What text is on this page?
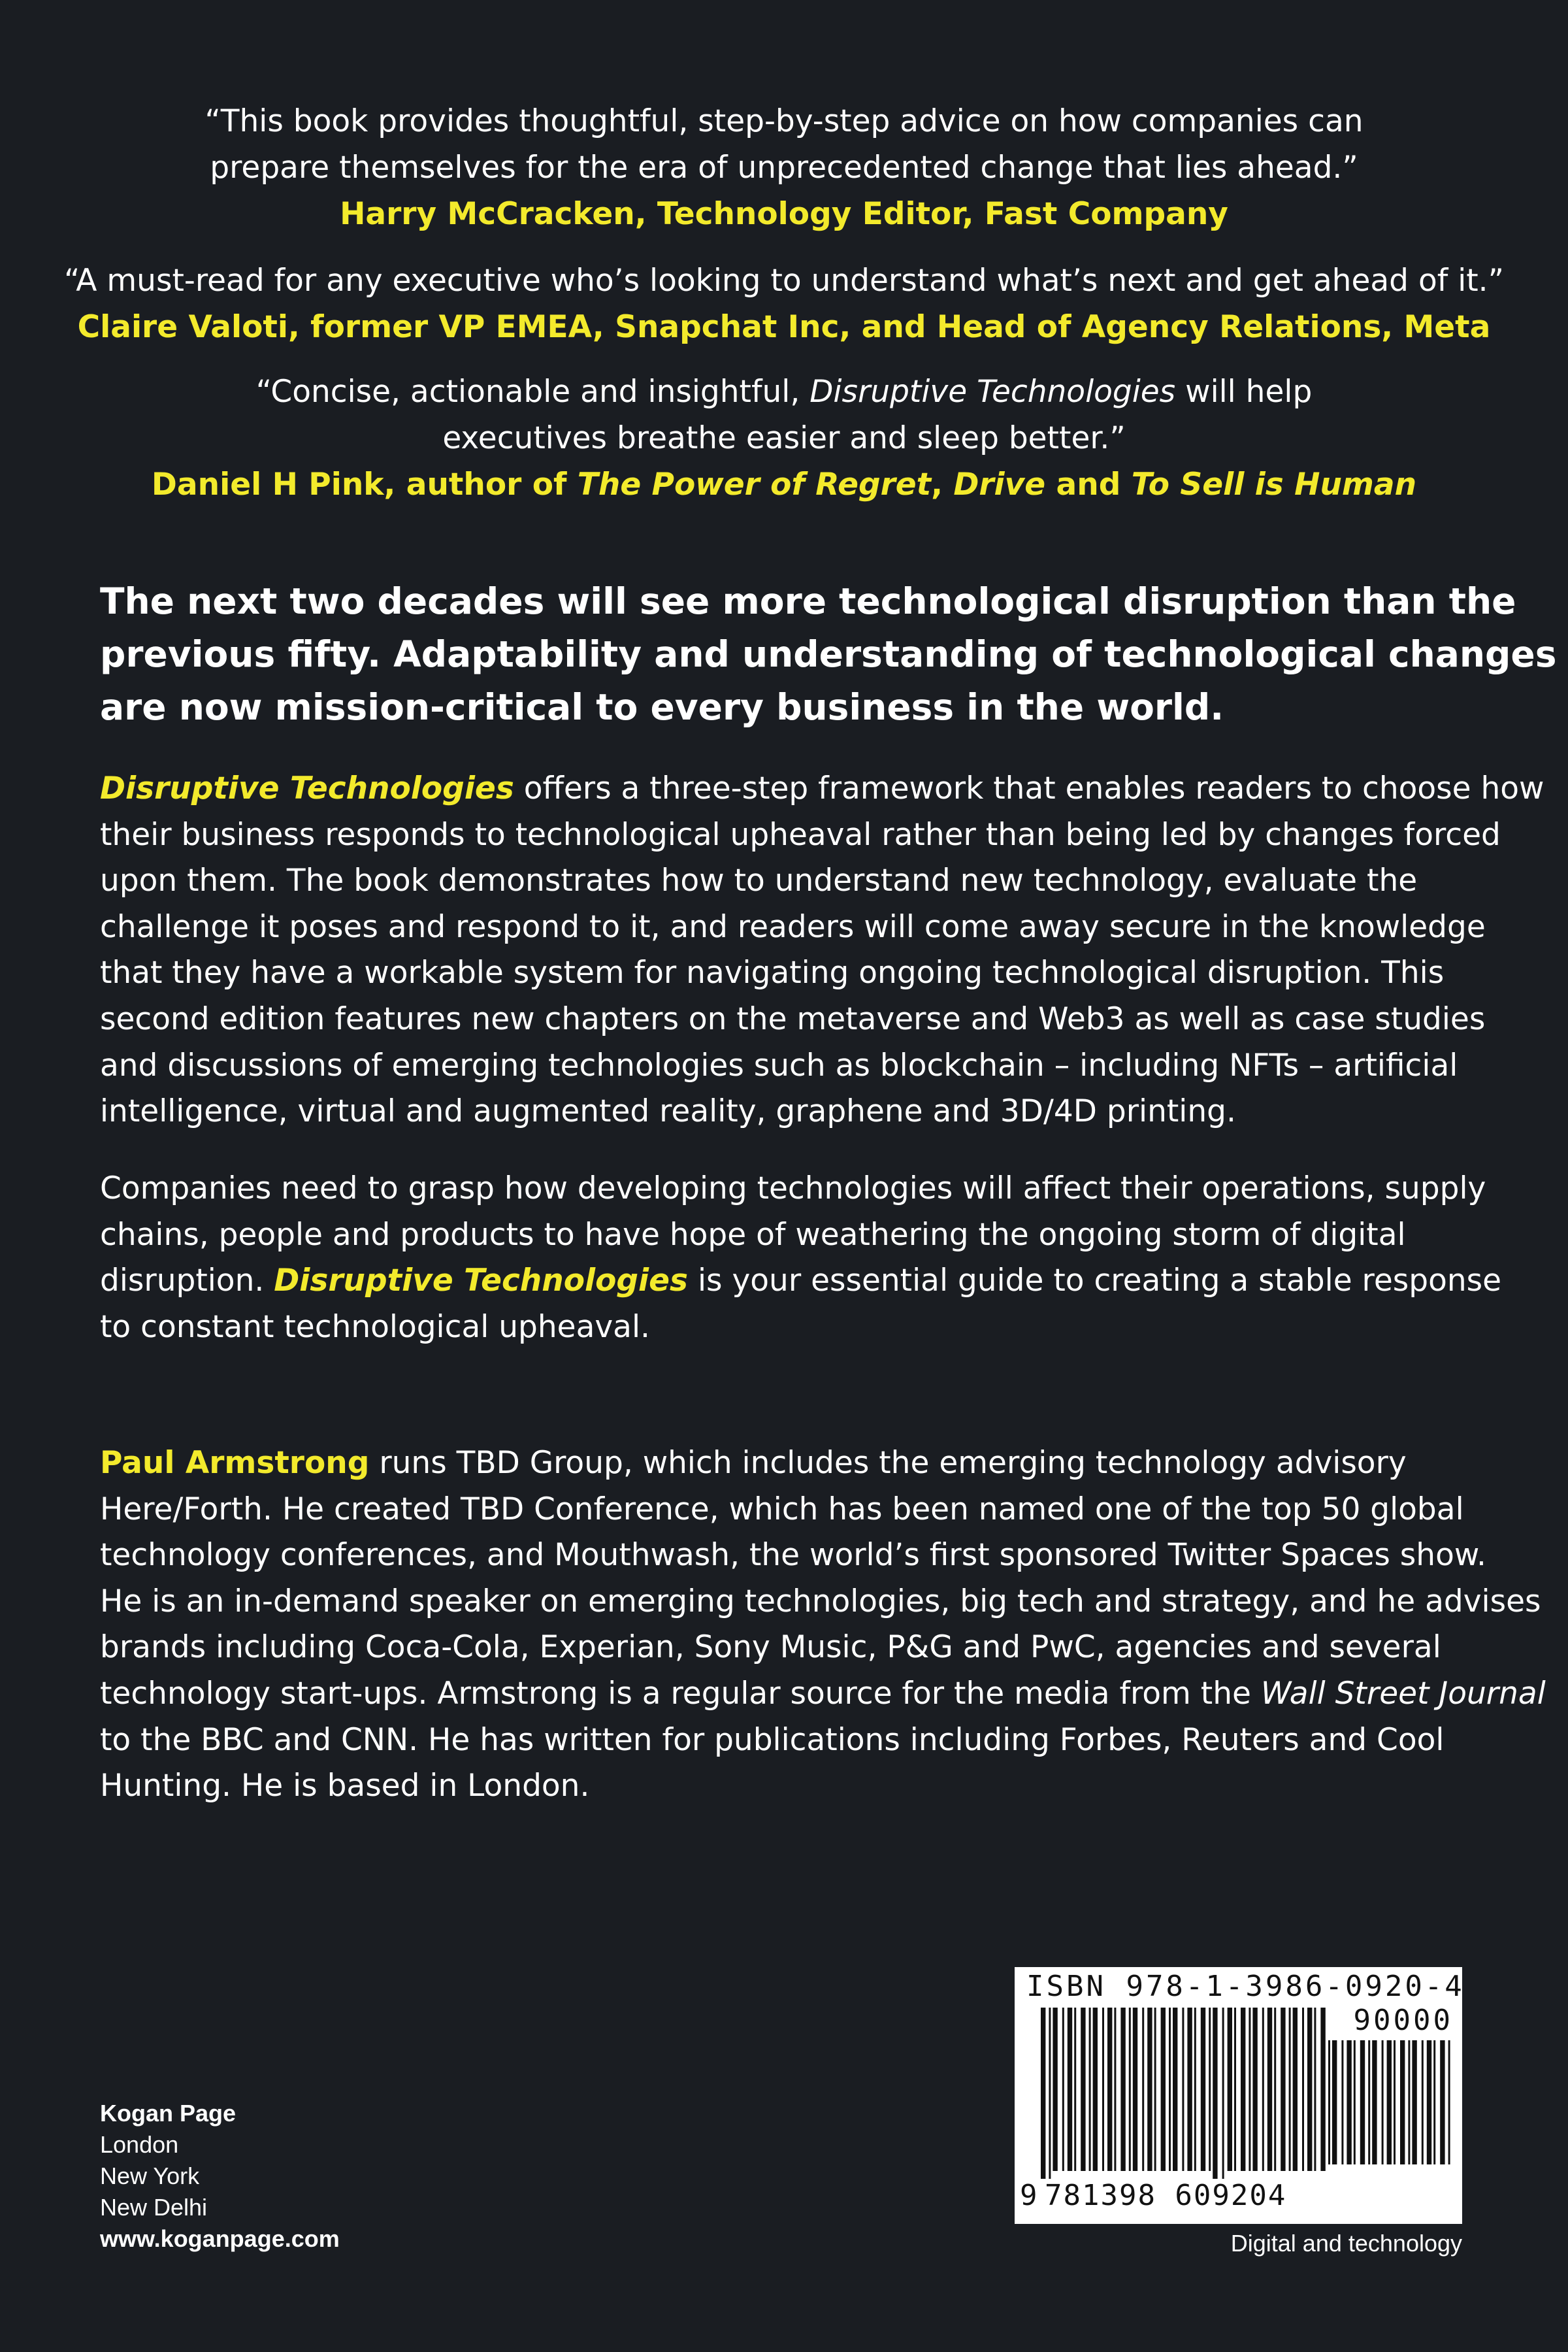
“This book provides thoughtful, step-by-step advice on how companies can
prepare themselves for the era of unprecedented change that lies ahead.”
Harry McCracken, Technology Editor, Fast Company
“A must-read for any executive who’s looking to understand what’s next and get ahead of it.”
Claire Valoti, former VP EMEA, Snapchat Inc, and Head of Agency Relations, Meta
“Concise, actionable and insightful, Disruptive Technologies will help
executives breathe easier and sleep better.”
Daniel H Pink, author of The Power of Regret, Drive and To Sell is Human
The next two decades will see more technological disruption than the
previous fifty. Adaptability and understanding of technological changes
are now mission-critical to every business in the world.
Disruptive Technologies offers a three-step framework that enables readers to choose how
their business responds to technological upheaval rather than being led by changes forced
upon them. The book demonstrates how to understand new technology, evaluate the
challenge it poses and respond to it, and readers will come away secure in the knowledge
that they have a workable system for navigating ongoing technological disruption. This
second edition features new chapters on the metaverse and Web3 as well as case studies
and discussions of emerging technologies such as blockchain – including NFTs – artificial
intelligence, virtual and augmented reality, graphene and 3D/4D printing.
Companies need to grasp how developing technologies will affect their operations, supply
chains, people and products to have hope of weathering the ongoing storm of digital
disruption. Disruptive Technologies is your essential guide to creating a stable response
to constant technological upheaval.
Paul Armstrong runs TBD Group, which includes the emerging technology advisory
Here/Forth. He created TBD Conference, which has been named one of the top 50 global
technology conferences, and Mouthwash, the world’s first sponsored Twitter Spaces show.
He is an in-demand speaker on emerging technologies, big tech and strategy, and he advises
brands including Coca-Cola, Experian, Sony Music, P&G and PwC, agencies and several
technology start-ups. Armstrong is a regular source for the media from the Wall Street Journal
to the BBC and CNN. He has written for publications including Forbes, Reuters and Cool
Hunting. He is based in London.
Kogan Page
London
New York
New Delhi
www.koganpage.com
ISBN 978-1-3986-0920-4
90000
9 781398 609204
Digital and technology
